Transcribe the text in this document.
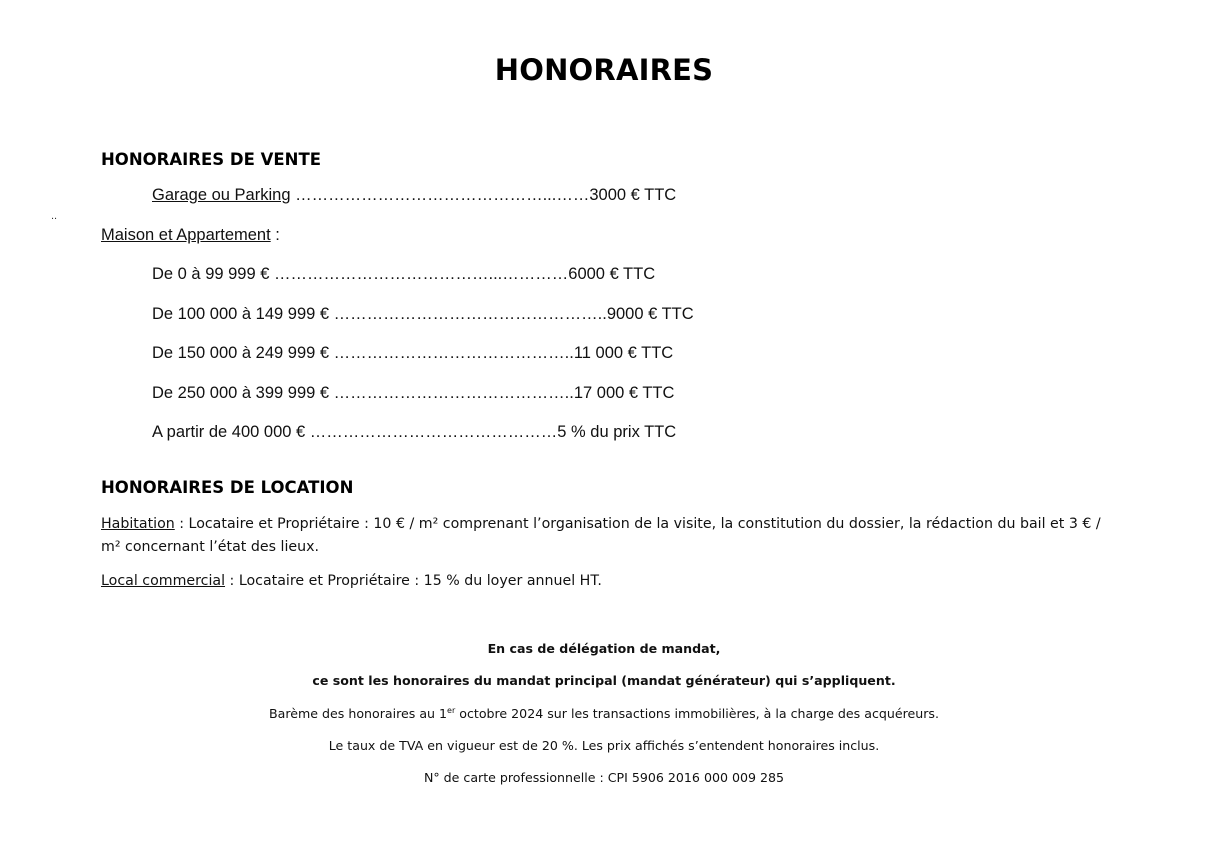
HONORAIRES
HONORAIRES DE VENTE
Garage ou Parking ………………………………………...……3000 € TTC
..
Maison et Appartement :
De 0 à 99 999 € …………………………………...…………6000 € TTC
De 100 000 à 149 999 € …………………………………………..9000 € TTC
De 150 000 à 249 999 € ……………………………………..11 000 € TTC
De 250 000 à 399 999 € ……………………………………..17 000 € TTC
A partir de 400 000 € ………………………………………5 % du prix TTC
HONORAIRES DE LOCATION
Habitation : Locataire et Propriétaire : 10 € / m² comprenant l’organisation de la visite, la constitution du dossier, la rédaction du bail et 3 € / m² concernant l’état des lieux.
Local commercial : Locataire et Propriétaire : 15 % du loyer annuel HT.
En cas de délégation de mandat,
ce sont les honoraires du mandat principal (mandat générateur) qui s’appliquent.
Barème des honoraires au 1er octobre 2024 sur les transactions immobilières, à la charge des acquéreurs.
Le taux de TVA en vigueur est de 20 %. Les prix affichés s’entendent honoraires inclus.
N° de carte professionnelle : CPI 5906 2016 000 009 285
